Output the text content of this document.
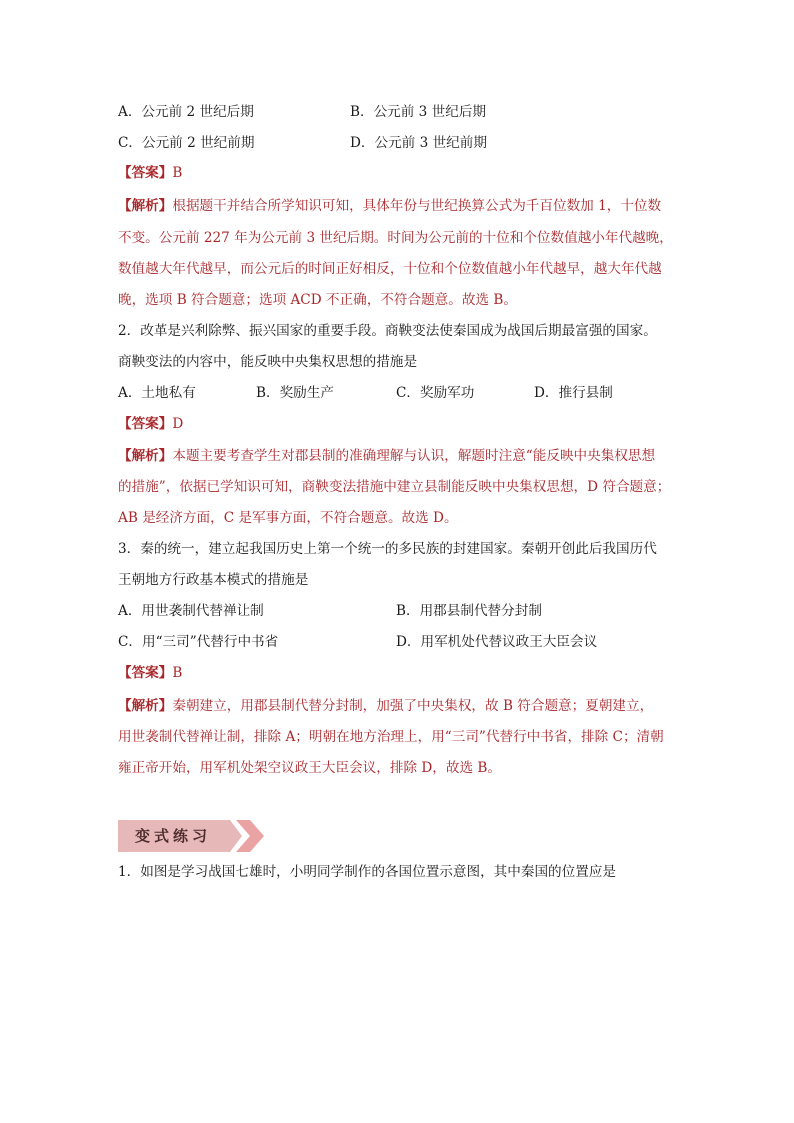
A．公元前 2 世纪后期	B．公元前 3 世纪后期
C．公元前 2 世纪前期	D．公元前 3 世纪前期
【答案】B
【解析】根据题干并结合所学知识可知，具体年份与世纪换算公式为千百位数加 1，十位数
不变。公元前 227 年为公元前 3 世纪后期。时间为公元前的十位和个位数值越小年代越晚，
数值越大年代越早，而公元后的时间正好相反，十位和个位数值越小年代越早，越大年代越
晚，选项 B 符合题意；选项 ACD 不正确，不符合题意。故选 B。
2．改革是兴利除弊、振兴国家的重要手段。商鞅变法使秦国成为战国后期最富强的国家。
商鞅变法的内容中，能反映中央集权思想的措施是
A．土地私有	B．奖励生产	C．奖励军功	D．推行县制
【答案】D
【解析】本题主要考查学生对郡县制的准确理解与认识，解题时注意“能反映中央集权思想
的措施”，依据已学知识可知，商鞅变法措施中建立县制能反映中央集权思想，D 符合题意；
AB 是经济方面，C 是军事方面，不符合题意。故选 D。
3．秦的统一，建立起我国历史上第一个统一的多民族的封建国家。秦朝开创此后我国历代
王朝地方行政基本模式的措施是
A．用世袭制代替禅让制	B．用郡县制代替分封制
C．用“三司”代替行中书省	D．用军机处代替议政王大臣会议
【答案】B
【解析】秦朝建立，用郡县制代替分封制，加强了中央集权，故 B 符合题意；夏朝建立，
用世袭制代替禅让制，排除 A；明朝在地方治理上，用“三司”代替行中书省，排除 C；清朝
雍正帝开始，用军机处架空议政王大臣会议，排除 D，故选 B。
变式练习
1．如图是学习战国七雄时，小明同学制作的各国位置示意图，其中秦国的位置应是
